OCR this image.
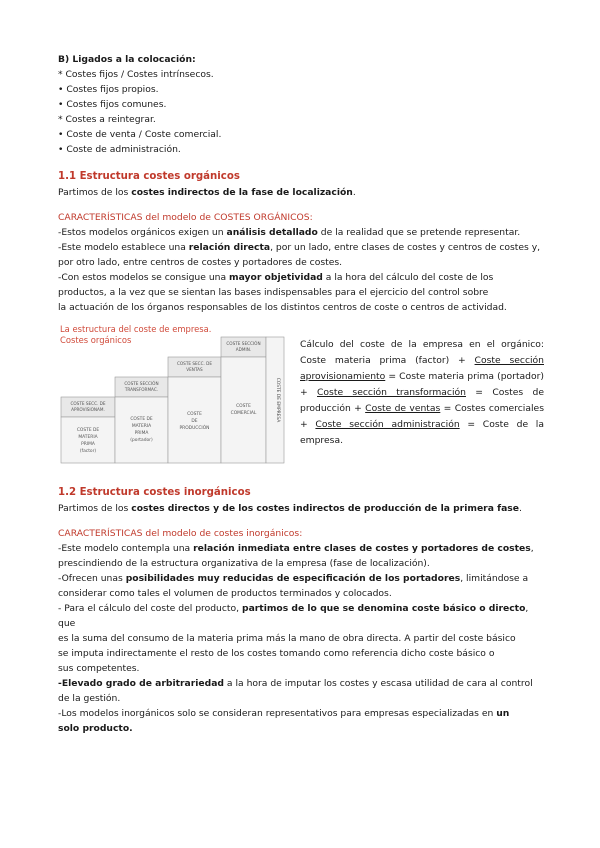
B) Ligados a la colocación:

* Costes fijos / Costes intrínsecos.

• Costes fijos propios.

• Costes fijos comunes.

* Costes a reintegrar.

• Coste de venta / Coste comercial.

• Coste de administración.

1.1 Estructura costes orgánicos

Partimos de los costes indirectos de la fase de localización.

CARACTERÍSTICAS del modelo de COSTES ORGÁNICOS:

-Estos modelos orgánicos exigen un análisis detallado de la realidad que se pretende representar.

-Este modelo establece una relación directa, por un lado, entre clases de costes y centros de costes y,

por otro lado, entre centros de costes y portadores de costes.

-Con estos modelos se consigue una mayor objetividad a la hora del cálculo del coste de los

productos, a la vez que se sientan las bases indispensables para el ejercicio del control sobre

la actuación de los órganos responsables de los distintos centros de coste o centros de actividad.

La estructura del coste de empresa.
Costes orgánicos	COSTE SECCIÓN
ADMIN.
COSTE SECC. DE
VENTAS
COSTE SECCIÓN
TRANSFORMAC.
COSTE SECC. DE
APROVISIONAM.
COSTE DE
MATERIA
PRIMA
(factor)
COSTE DE
MATERIA
PRIMA
(portador)
COSTE
DE
PRODUCCIÓN
COSTE
COMERCIAL	COSTE DE EMPRESA

Cálculo del coste de la empresa en el orgánico: Coste materia prima (factor) + Coste sección aprovisionamiento = Coste materia prima (portador) + Coste sección transformación = Costes de producción + Coste de ventas = Costes comerciales + Coste sección administración = Coste de la empresa.

1.2 Estructura costes inorgánicos

Partimos de los costes directos y de los costes indirectos de producción de la primera fase.

CARACTERÍSTICAS del modelo de costes inorgánicos:

-Este modelo contempla una relación inmediata entre clases de costes y portadores de costes,

prescindiendo de la estructura organizativa de la empresa (fase de localización).

-Ofrecen unas posibilidades muy reducidas de especificación de los portadores, limitándose a

considerar como tales el volumen de productos terminados y colocados.

- Para el cálculo del coste del producto, partimos de lo que se denomina coste básico o directo, que

es la suma del consumo de la materia prima más la mano de obra directa. A partir del coste básico

se imputa indirectamente el resto de los costes tomando como referencia dicho coste básico o

sus competentes.

-Elevado grado de arbitrariedad a la hora de imputar los costes y escasa utilidad de cara al control

de la gestión.

-Los modelos inorgánicos solo se consideran representativos para empresas especializadas en un

solo producto.
